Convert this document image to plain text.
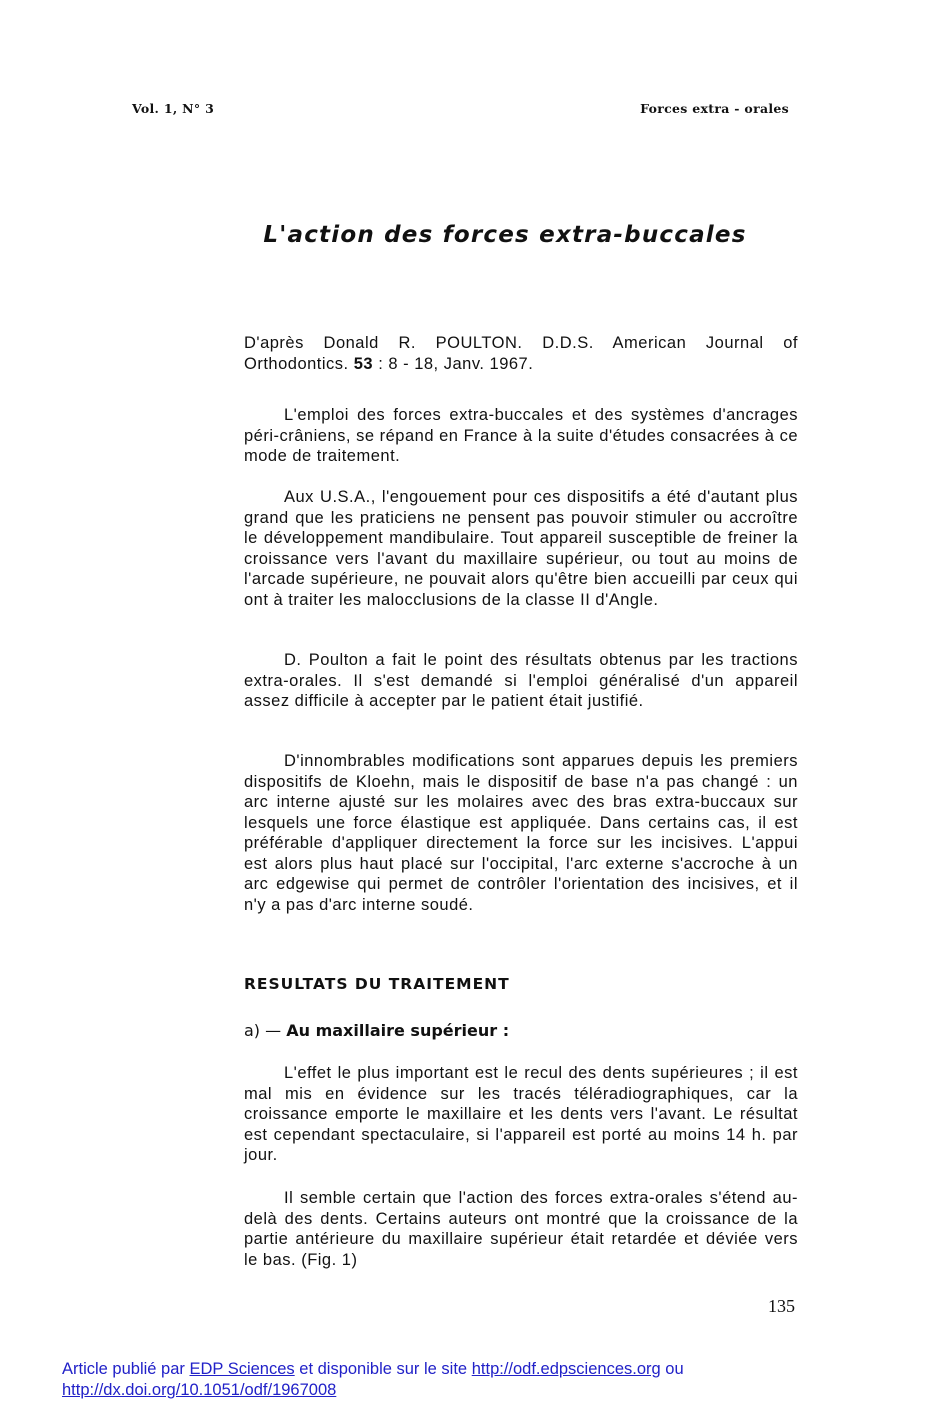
Vol. 1, N° 3	Forces extra - orales
L'action des forces extra-buccales
D'après Donald R. POULTON. D.D.S. American Journal of Orthodontics. 53 : 8 - 18, Janv. 1967.

L'emploi des forces extra-buccales et des systèmes d'ancrages péri-crâniens, se répand en France à la suite d'études consacrées à ce mode de traitement.

Aux U.S.A., l'engouement pour ces dispositifs a été d'autant plus grand que les praticiens ne pensent pas pouvoir stimuler ou accroître le développement mandibulaire. Tout appareil susceptible de freiner la croissance vers l'avant du maxillaire supérieur, ou tout au moins de l'arcade supérieure, ne pouvait alors qu'être bien accueilli par ceux qui ont à traiter les malocclusions de la classe II d'Angle.

D. Poulton a fait le point des résultats obtenus par les tractions extra-orales. Il s'est demandé si l'emploi généralisé d'un appareil assez difficile à accepter par le patient était justifié.

D'innombrables modifications sont apparues depuis les premiers dispositifs de Kloehn, mais le dispositif de base n'a pas changé : un arc interne ajusté sur les molaires avec des bras extra-buccaux sur lesquels une force élastique est appliquée. Dans certains cas, il est préférable d'appliquer directement la force sur les incisives. L'appui est alors plus haut placé sur l'occipital, l'arc externe s'accroche à un arc edgewise qui permet de contrôler l'orientation des incisives, et il n'y a pas d'arc interne soudé.

RESULTATS DU TRAITEMENT
a) — Au maxillaire supérieur :

L'effet le plus important est le recul des dents supérieures ; il est mal mis en évidence sur les tracés téléradiographiques, car la croissance emporte le maxillaire et les dents vers l'avant. Le résultat est cependant spectaculaire, si l'appareil est porté au moins 14 h. par jour.

Il semble certain que l'action des forces extra-orales s'étend au-delà des dents. Certains auteurs ont montré que la croissance de la partie antérieure du maxillaire supérieur était retardée et déviée vers le bas. (Fig. 1)

135
Article publié par EDP Sciences et disponible sur le site http://odf.edpsciences.org ou
http://dx.doi.org/10.1051/odf/1967008
